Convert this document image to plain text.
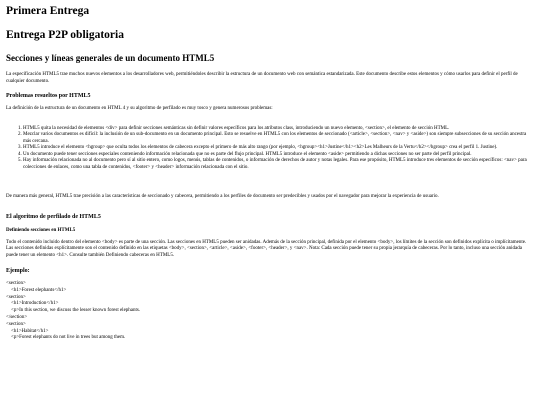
Primera Entrega
Entrega P2P obligatoria
Secciones y líneas generales de un documento HTML5

La especificación HTML5 trae muchos nuevos elementos a los desarrolladores web, permitiéndoles describir la estructura de un documento web con semántica estandarizada. Este documento describe estos elementos y cómo usarlos para definir el perfil de cualquier documento.

Problemas resueltos por HTML5

La definición de la estructura de un documento en HTML 4 y su algoritmo de perfilado es muy tosco y genera numerosos problemas:

1. HTML5 quita la necesidad de elementos <div> para definir secciones semánticas sin definir valores específicos para los atributos class, introduciendo un nuevo elemento, <section>, el elemento de sección HTML.
2. Mezclar varios documentos es difícil: la inclusión de un sub-documento en un documento principal. Esto se resuelve en HTML5 con los elementos de seccionado (<article>, <section>, <nav> y <aside>) son siempre subsecciones de su sección ancestra más cercana.
3. HTML5 introduce el elemento <hgroup> que oculta todos los elementos de cabecera excepto el primero de más alto rango (por ejemplo, <hgroup><h1>Justine</h1><h2>Les Malheurs de la Vertu</h2></hgroup> crea el perfil 1. Justine).
4. Un documento puede tener secciones especiales conteniendo información relacionada que no es parte del flujo principal. HTML5 introduce el elemento <aside> permitiendo a dichas secciones no ser parte del perfil principal.
5. Hay información relacionada no al documento pero sí al sitio entero, como logos, menús, tablas de contenidos, o información de derechos de autor y notas legales. Para ese propósito, HTML5 introduce tres elementos de sección específicos: <nav> para colecciones de enlaces, como una tabla de contenidos, <footer> y <header> información relacionada con el sitio.

De manera más general, HTML5 trae precisión a las características de seccionado y cabecera, permitiendo a los perfiles de documento ser predecibles y usados por el navegador para mejorar la experiencia de usuario.

El algoritmo de perfilado de HTML5
Definiendo secciones en HTML5

Todo el contenido incluido dentro del elemento <body> es parte de una sección. Las secciones en HTML5 pueden ser anidadas. Además de la sección principal, definida por el elemento <body>, los límites de la sección son definidos explícita o implícitamente. Las secciones definidas explícitamente son el contenido definido en las etiquetas <body>, <section>, <article>, <aside>, <footer>, <header>, y <nav>. Nota: Cada sección puede tener su propia jerarquía de cabeceras. Por lo tanto, incluso una sección anidada puede tener un elemento <h1>. Consulte también Definiendo cabeceras en HTML5.

Ejemplo:
<section>
<h1>Forest elephants</h1>
<section>
<h1>Introduction</h1>
<p>In this section, we discuss the lesser known forest elephants.
</section>
<section>
<h1>Habitat</h1>
<p>Forest elephants do not live in trees but among them.
